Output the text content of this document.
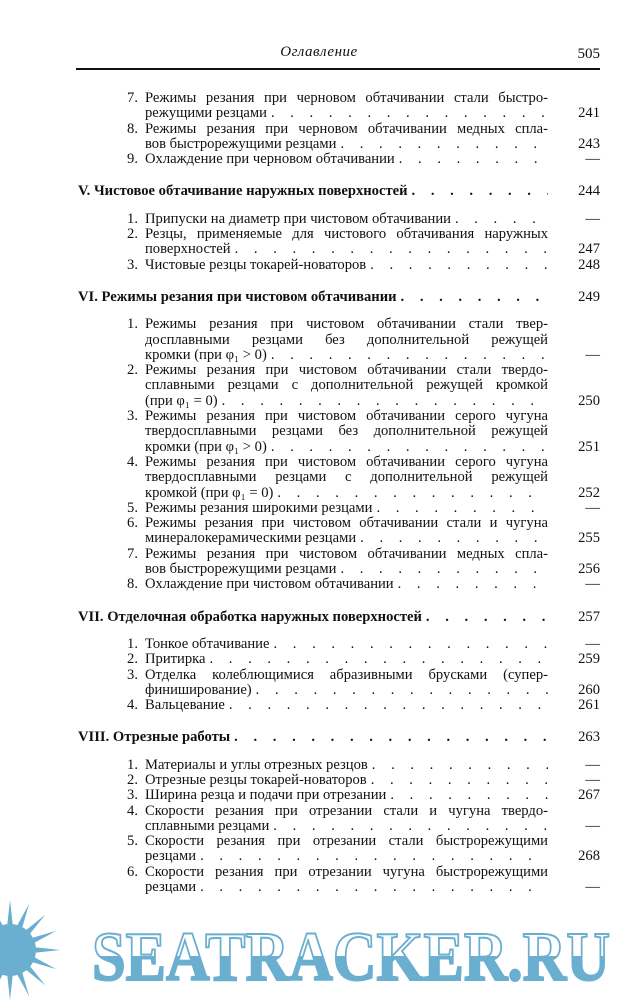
Оглавление	505
7. Режимы резания при черновом обтачивании стали быстро-
режущими резцами . . .	241
8. Режимы резания при черновом обтачивании медных спла-
вов быстрорежущими резцами . . .	243
9. Охлаждение при черновом обтачивании . . .	—
V.
Чистовое обтачивание наружных поверхностей . . .	244
1. Припуски на диаметр при чистовом обтачивании . . .	—
2. Резцы, применяемые для чистового обтачивания наружных
поверхностей . . .	247
3. Чистовые резцы токарей-новаторов . . .	248
VI.
Режимы резания при чистовом обтачивании . . .	249
1. Режимы резания при чистовом обтачивании стали твер-
досплавными резцами без дополнительной режущей
кромки (при φ₁ > 0) . . .	—
2. Режимы резания при чистовом обтачивании стали твердо-
сплавными резцами с дополнительной режущей кромкой
(при φ₁ = 0) . . .	250
3. Режимы резания при чистовом обтачивании серого чугуна
твердосплавными резцами без дополнительной режущей
кромки (при φ₁ > 0) . . .	251
4. Режимы резания при чистовом обтачивании серого чугуна
твердосплавными резцами с дополнительной режущей
кромкой (при φ₁ = 0) . . .	252
5. Режимы резания широкими резцами . . .	—
6. Режимы резания при чистовом обтачивании стали и чугуна
минералокерамическими резцами . . .	255
7. Режимы резания при чистовом обтачивании медных спла-
вов быстрорежущими резцами . . .	256
8. Охлаждение при чистовом обтачивании . . .	—
VII.
Отделочная обработка наружных поверхностей . . .	257
1. Тонкое обтачивание . . .	—
2. Притирка . . .	259
3. Отделка колеблющимися абразивными брусками (супер-
финиширование) . . .	260
4. Вальцевание . . .	261
VIII.
Отрезные работы . . .	263
1. Материалы и углы отрезных резцов . . .	—
2. Отрезные резцы токарей-новаторов . . .	—
3. Ширина резца и подачи при отрезании . . .	267
4. Скорости резания при отрезании стали и чугуна твердо-
сплавными резцами . . .	—
5. Скорости резания при отрезании стали быстрорежущими
резцами . . .	268
6. Скорости резания при отрезании чугуна быстрорежущими
резцами . . .	—
SEATRACKER.RU
